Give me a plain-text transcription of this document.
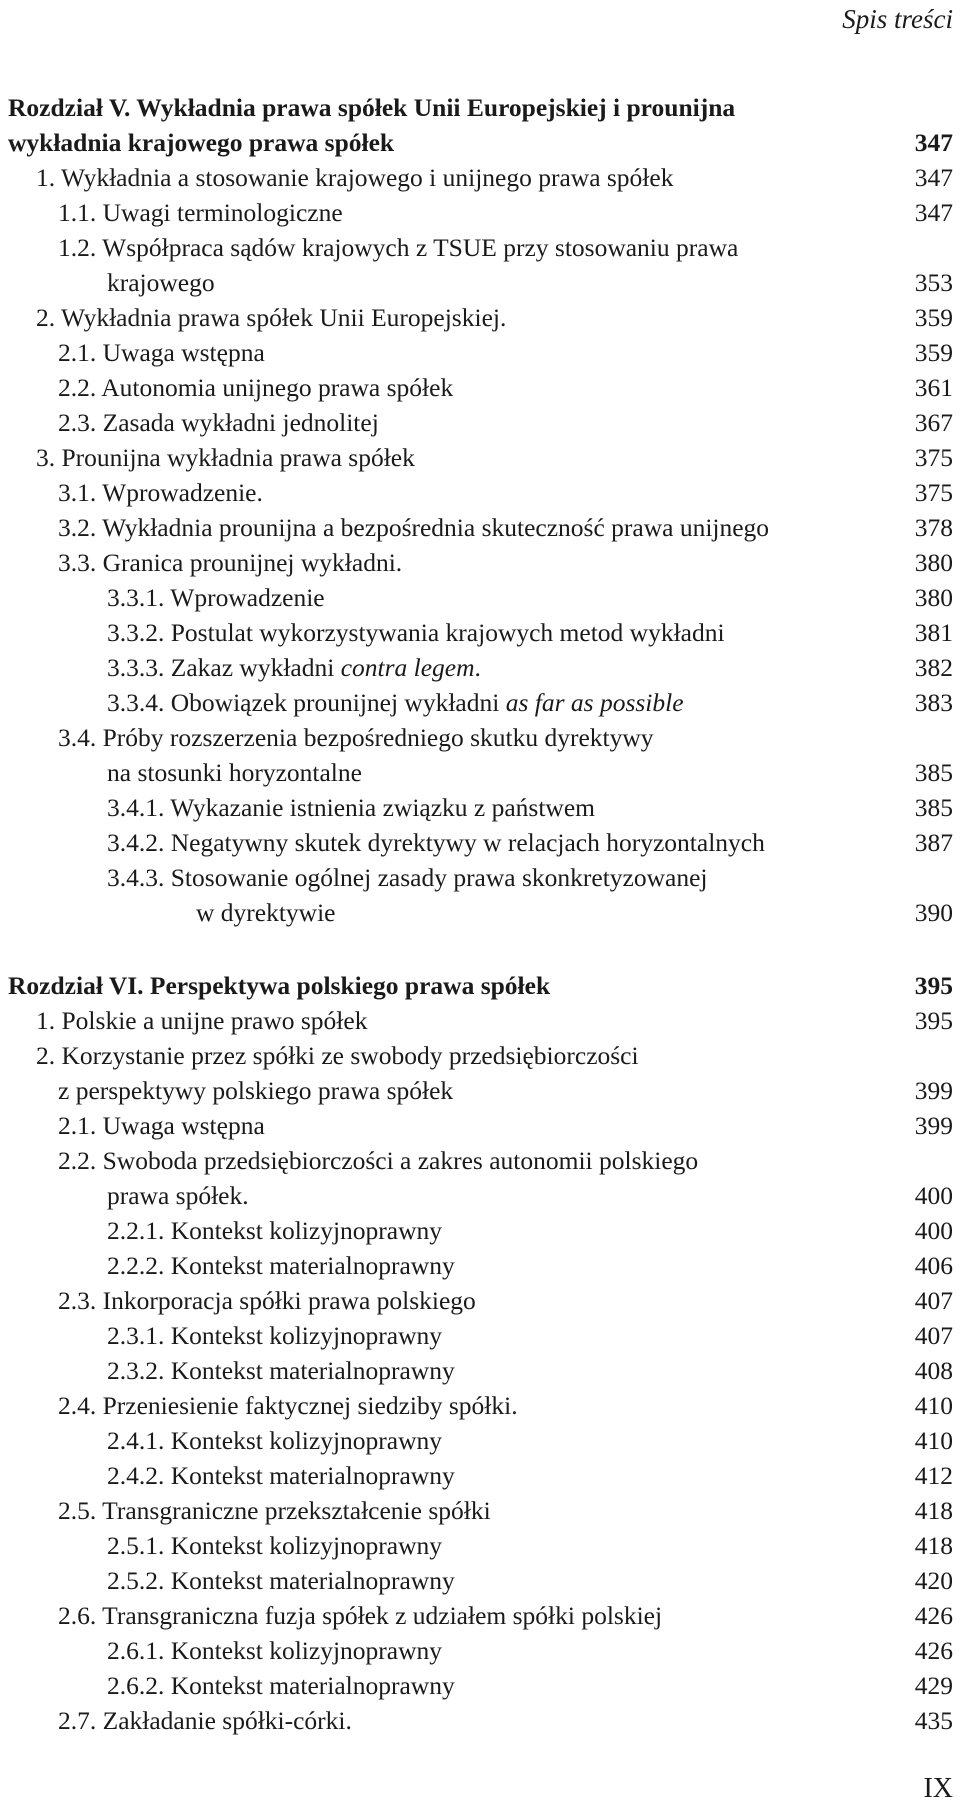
Spis treści
Rozdział V. Wykładnia prawa spółek Unii Europejskiej i prounijna
wykładnia krajowego prawa spółek	347
1. Wykładnia a stosowanie krajowego i unijnego prawa spółek	347
1.1. Uwagi terminologiczne	347
1.2. Współpraca sądów krajowych z TSUE przy stosowaniu prawa
krajowego	353
2. Wykładnia prawa spółek Unii Europejskiej.	359
2.1. Uwaga wstępna	359
2.2. Autonomia unijnego prawa spółek	361
2.3. Zasada wykładni jednolitej	367
3. Prounijna wykładnia prawa spółek	375
3.1. Wprowadzenie.	375
3.2. Wykładnia prounijna a bezpośrednia skuteczność prawa unijnego	378
3.3. Granica prounijnej wykładni.	380
3.3.1. Wprowadzenie	380
3.3.2. Postulat wykorzystywania krajowych metod wykładni	381
3.3.3. Zakaz wykładni contra legem.	382
3.3.4. Obowiązek prounijnej wykładni as far as possible	383
3.4. Próby rozszerzenia bezpośredniego skutku dyrektywy
na stosunki horyzontalne	385
3.4.1. Wykazanie istnienia związku z państwem	385
3.4.2. Negatywny skutek dyrektywy w relacjach horyzontalnych	387
3.4.3. Stosowanie ogólnej zasady prawa skonkretyzowanej
w dyrektywie	390
Rozdział VI. Perspektywa polskiego prawa spółek	395
1. Polskie a unijne prawo spółek	395
2. Korzystanie przez spółki ze swobody przedsiębiorczości
z perspektywy polskiego prawa spółek	399
2.1. Uwaga wstępna	399
2.2. Swoboda przedsiębiorczości a zakres autonomii polskiego
prawa spółek.	400
2.2.1. Kontekst kolizyjnoprawny	400
2.2.2. Kontekst materialnoprawny	406
2.3. Inkorporacja spółki prawa polskiego	407
2.3.1. Kontekst kolizyjnoprawny	407
2.3.2. Kontekst materialnoprawny	408
2.4. Przeniesienie faktycznej siedziby spółki.	410
2.4.1. Kontekst kolizyjnoprawny	410
2.4.2. Kontekst materialnoprawny	412
2.5. Transgraniczne przekształcenie spółki	418
2.5.1. Kontekst kolizyjnoprawny	418
2.5.2. Kontekst materialnoprawny	420
2.6. Transgraniczna fuzja spółek z udziałem spółki polskiej	426
2.6.1. Kontekst kolizyjnoprawny	426
2.6.2. Kontekst materialnoprawny	429
2.7. Zakładanie spółki-córki.	435
IX
